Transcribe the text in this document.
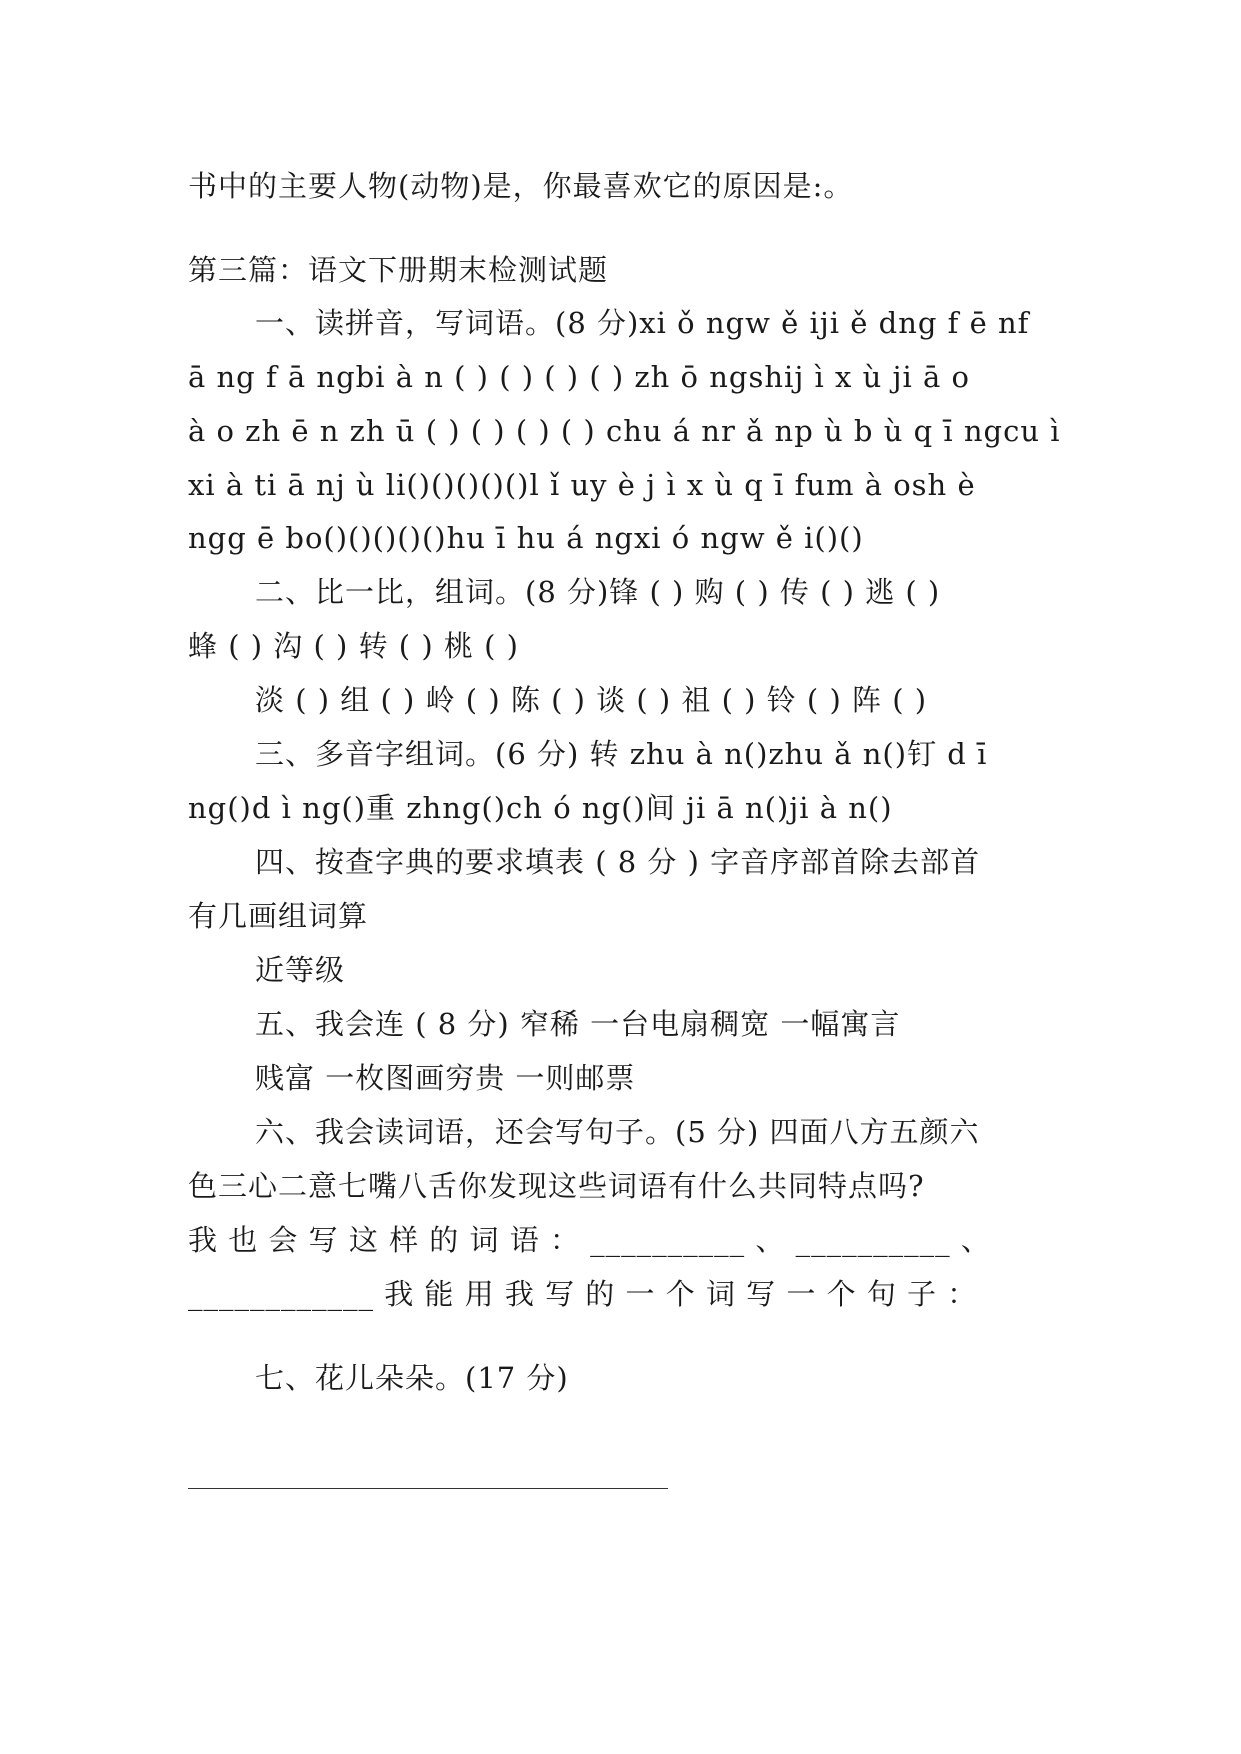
书中的主要人物(动物)是，你最喜欢它的原因是:。
第三篇：语文下册期末检测试题
一、读拼音，写词语。(8 分)xi ǒ ngw ě iji ě dng f ē nf
ā ng f ā ngbi à n ( ) ( ) ( ) ( ) zh ō ngshij ì x ù ji ā o
à o zh ē n zh ū ( ) ( ) ( ) ( ) chu á nr ǎ np ù b ù q ī ngcu ì
xi à ti ā nj ù li()()()()()l ǐ uy è j ì x ù q ī fum à osh è
ngg ē bo()()()()()hu ī hu á ngxi ó ngw ě i()()
二、比一比，组词。(8 分)锋 ( ) 购 ( ) 传 ( ) 逃 ( )
蜂 ( ) 沟 ( ) 转 ( ) 桃 ( )
淡 ( ) 组 ( ) 岭 ( ) 陈 ( ) 谈 ( ) 祖 ( ) 铃 ( ) 阵 ( )
三、多音字组词。(6 分) 转 zhu à n()zhu ǎ n()钉 d ī
ng()d ì ng()重 zhng()ch ó ng()间 ji ā n()ji à n()
四、按查字典的要求填表 ( 8 分 ) 字音序部首除去部首
有几画组词算
近等级
五、我会连 ( 8 分) 窄稀 一台电扇稠宽 一幅寓言
贱富 一枚图画穷贵 一则邮票
六、我会读词语，还会写句子。(5 分) 四面八方五颜六
色三心二意七嘴八舌你发现这些词语有什么共同特点吗?
我 也 会 写 这 样 的 词 语 ： __________ 、 __________ 、
____________ 我 能 用 我 写 的 一 个 词 写 一 个 句 子 ：
七、花儿朵朵。(17 分)
